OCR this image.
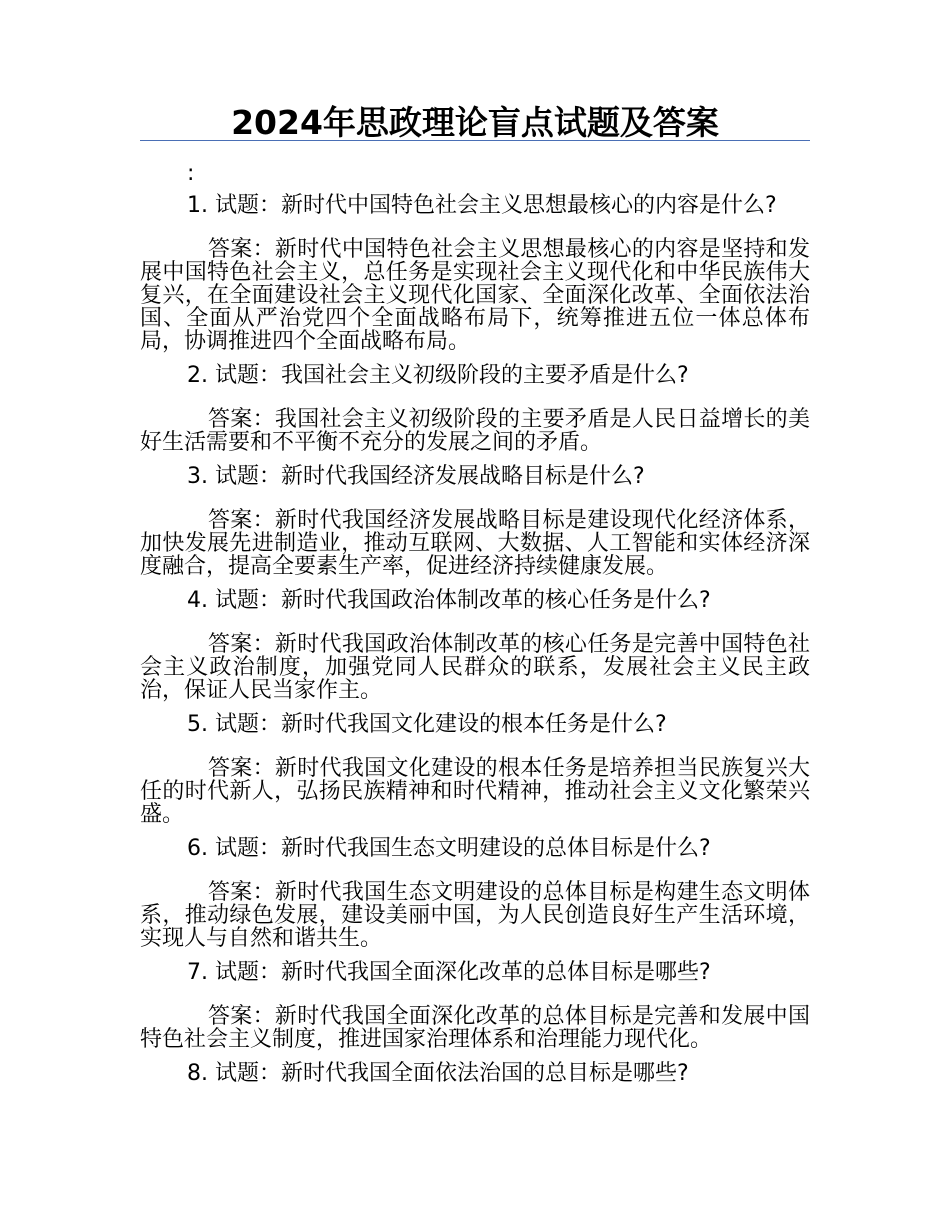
2024年思政理论盲点试题及答案
:

1. 试题：新时代中国特色社会主义思想最核心的内容是什么?

答案：新时代中国特色社会主义思想最核心的内容是坚持和发展中国特色社会主义，总任务是实现社会主义现代化和中华民族伟大复兴，在全面建设社会主义现代化国家、全面深化改革、全面依法治国、全面从严治党四个全面战略布局下，统筹推进五位一体总体布局，协调推进四个全面战略布局。

2. 试题：我国社会主义初级阶段的主要矛盾是什么?

答案：我国社会主义初级阶段的主要矛盾是人民日益增长的美好生活需要和不平衡不充分的发展之间的矛盾。

3. 试题：新时代我国经济发展战略目标是什么?

答案：新时代我国经济发展战略目标是建设现代化经济体系，加快发展先进制造业，推动互联网、大数据、人工智能和实体经济深度融合，提高全要素生产率，促进经济持续健康发展。

4. 试题：新时代我国政治体制改革的核心任务是什么?

答案：新时代我国政治体制改革的核心任务是完善中国特色社会主义政治制度，加强党同人民群众的联系，发展社会主义民主政治，保证人民当家作主。

5. 试题：新时代我国文化建设的根本任务是什么?

答案：新时代我国文化建设的根本任务是培养担当民族复兴大任的时代新人，弘扬民族精神和时代精神，推动社会主义文化繁荣兴盛。

6. 试题：新时代我国生态文明建设的总体目标是什么?

答案：新时代我国生态文明建设的总体目标是构建生态文明体系，推动绿色发展，建设美丽中国，为人民创造良好生产生活环境，实现人与自然和谐共生。

7. 试题：新时代我国全面深化改革的总体目标是哪些?

答案：新时代我国全面深化改革的总体目标是完善和发展中国特色社会主义制度，推进国家治理体系和治理能力现代化。

8. 试题：新时代我国全面依法治国的总目标是哪些?
